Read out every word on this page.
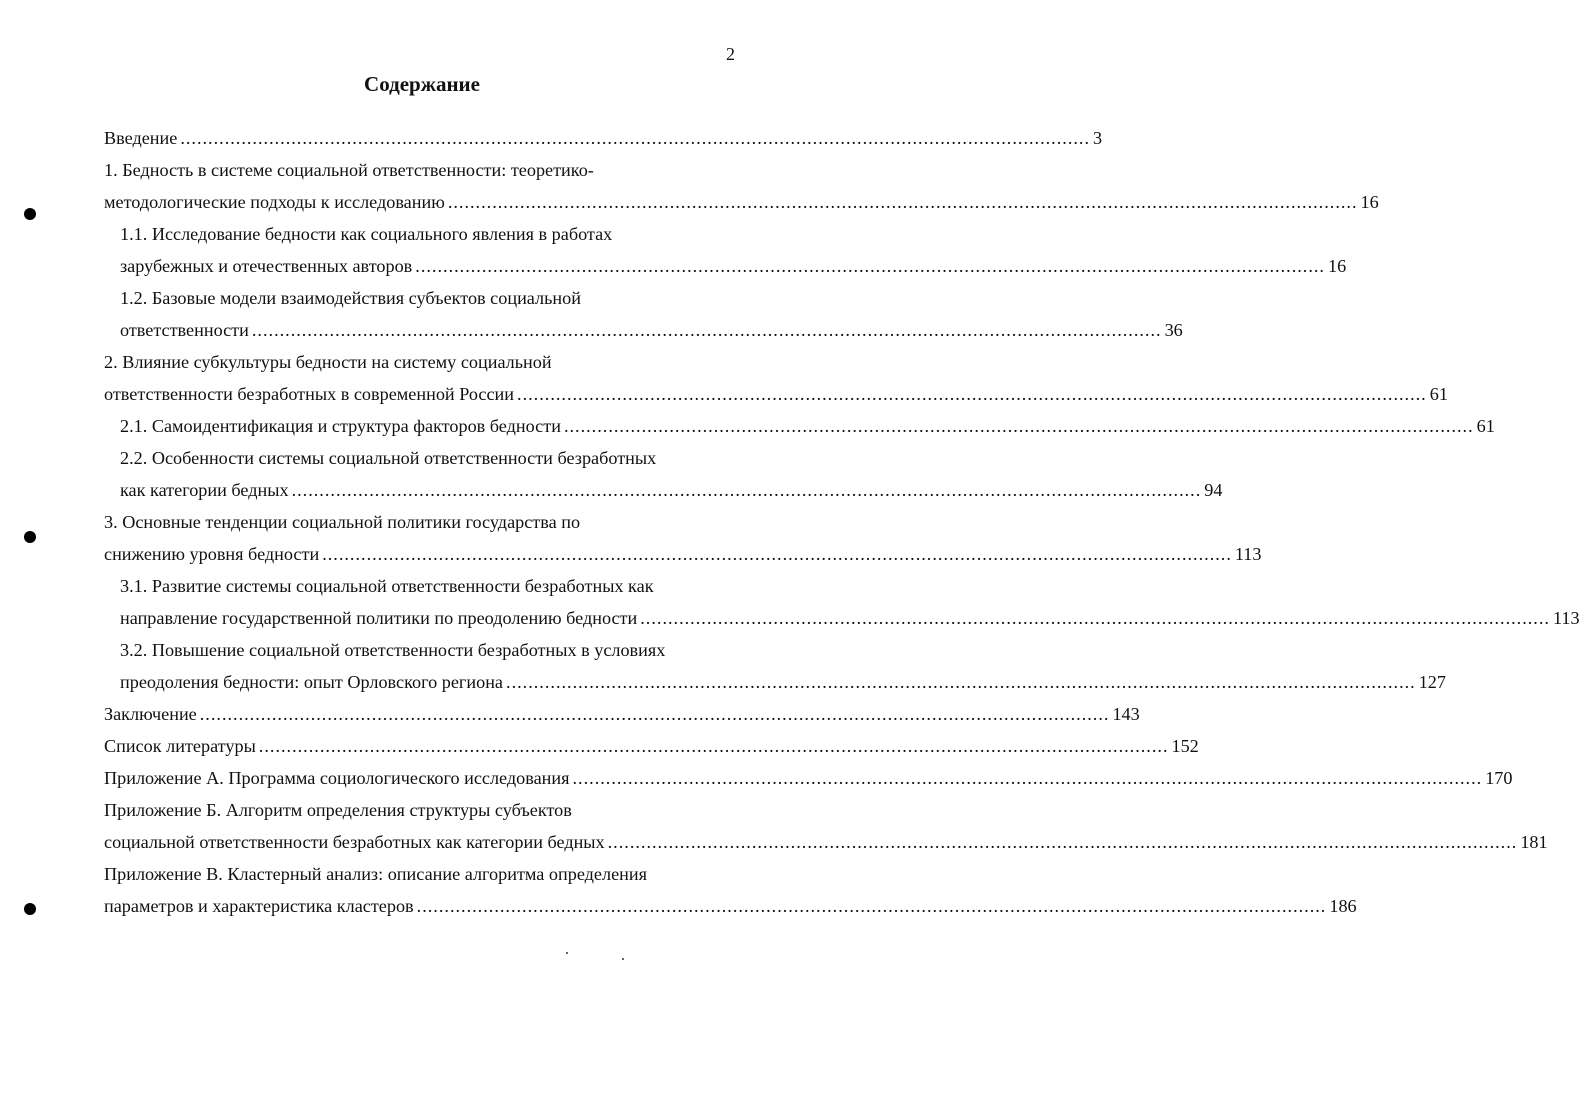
2
Содержание
Введение .................................................................................................................................................................... 3
1. Бедность в системе социальной ответственности: теоретико-
методологические подходы к исследованию .................................................................................................................................................................... 16
1.1. Исследование бедности как социального явления в работах
зарубежных и отечественных авторов .................................................................................................................................................................... 16
1.2. Базовые модели взаимодействия субъектов социальной
ответственности .................................................................................................................................................................... 36
2. Влияние субкультуры бедности на систему социальной
ответственности безработных в современной России .................................................................................................................................................................... 61
2.1. Самоидентификация и структура факторов бедности .................................................................................................................................................................... 61
2.2. Особенности системы социальной ответственности безработных
как категории бедных .................................................................................................................................................................... 94
3. Основные тенденции социальной политики государства по
снижению уровня бедности .................................................................................................................................................................... 113
3.1. Развитие системы социальной ответственности безработных как
направление государственной политики по преодолению бедности .................................................................................................................................................................... 113
3.2. Повышение социальной ответственности безработных в условиях
преодоления бедности: опыт Орловского региона .................................................................................................................................................................... 127
Заключение .................................................................................................................................................................... 143
Список литературы .................................................................................................................................................................... 152
Приложение А. Программа социологического исследования .................................................................................................................................................................... 170
Приложение Б. Алгоритм определения структуры субъектов
социальной ответственности безработных как категории бедных .................................................................................................................................................................... 181
Приложение В. Кластерный анализ: описание алгоритма определения
параметров и характеристика кластеров .................................................................................................................................................................... 186
